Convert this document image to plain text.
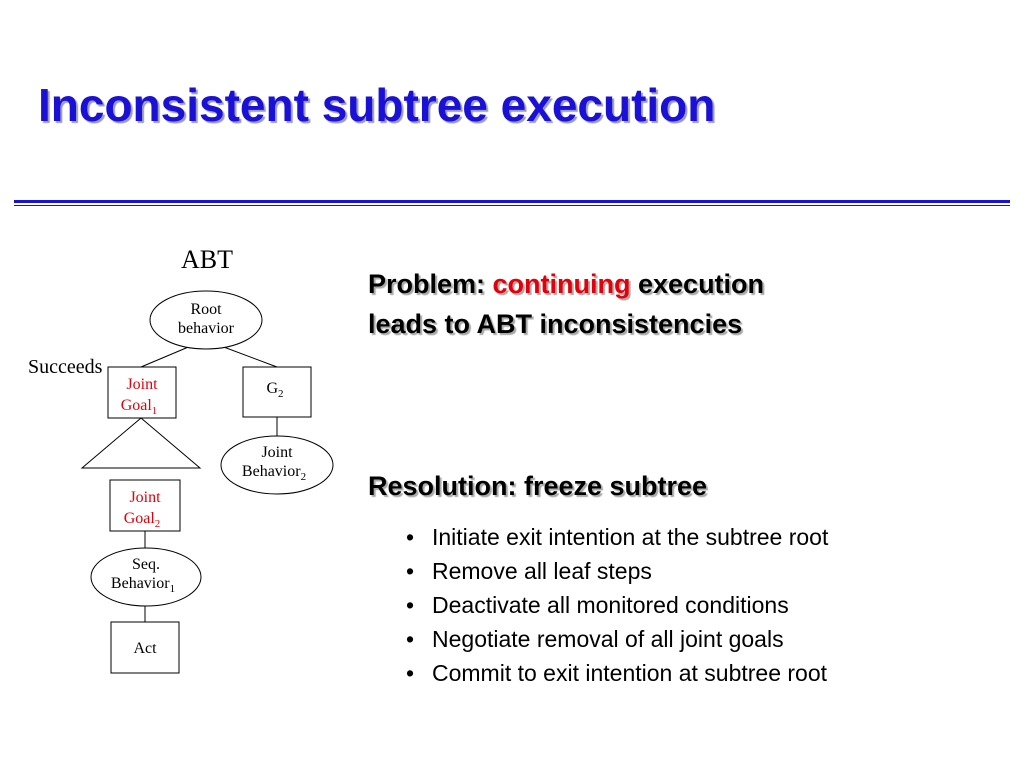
Inconsistent subtree execution
ABT
Root
behavior
Succeeds
Joint
Goal$_1$
$G_2$
Joint
Behavior$_2$
Joint
Goal$_2$
Seq.
Behavior$_1$
Act
Problem: continuing execution
leads to ABT inconsistencies
Resolution: freeze subtree
• Initiate exit intention at the subtree root
• Remove all leaf steps
• Deactivate all monitored conditions
• Negotiate removal of all joint goals
• Commit to exit intention at subtree root
